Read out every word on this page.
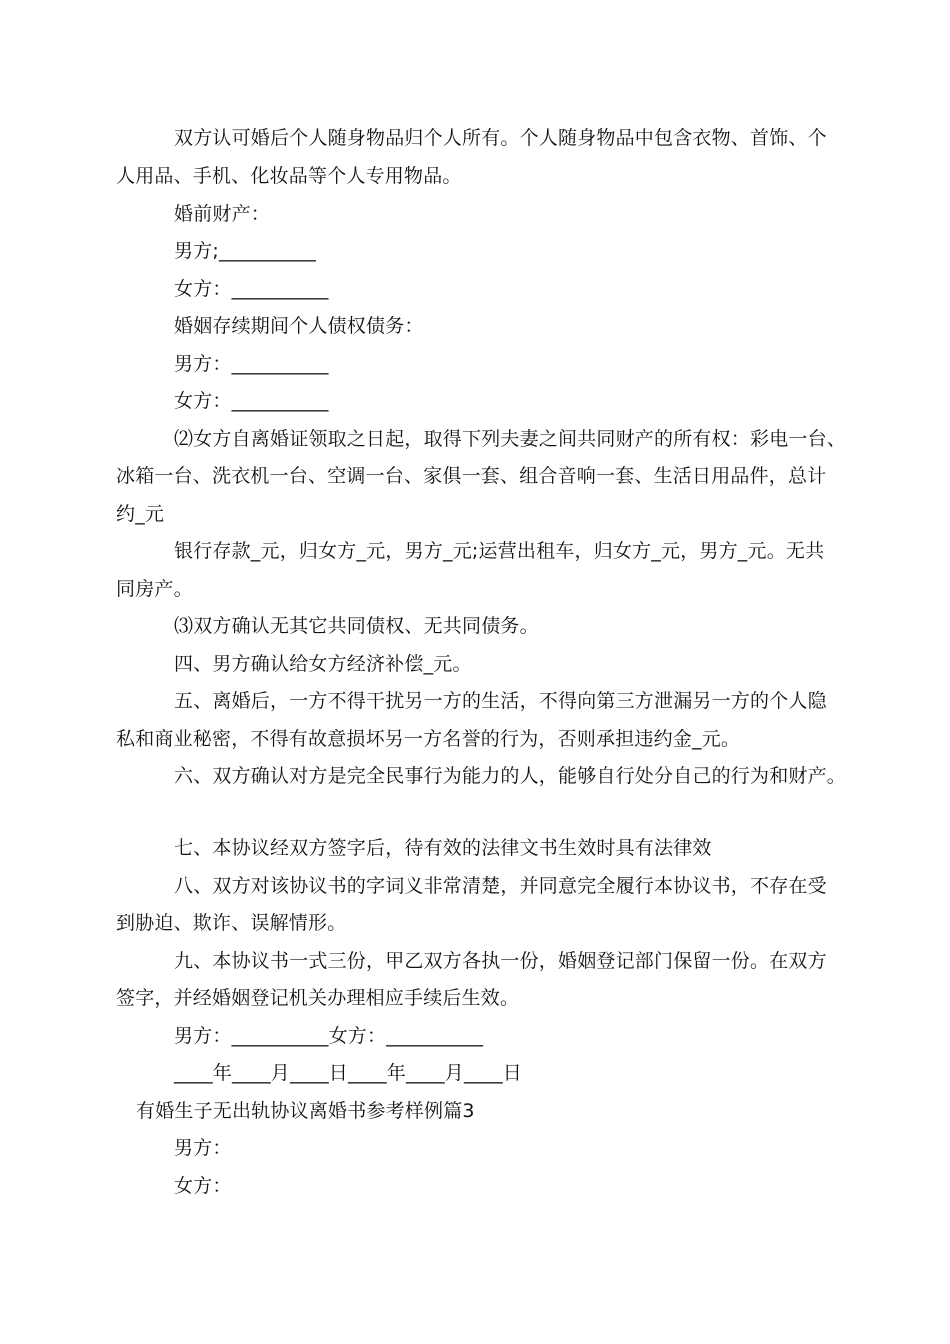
双方认可婚后个人随身物品归个人所有。个人随身物品中包含衣物、首饰、个
人用品、手机、化妆品等个人专用物品。
婚前财产：
男方;__________
女方：__________
婚姻存续期间个人债权债务：
男方：__________
女方：__________
⑵女方自离婚证领取之日起，取得下列夫妻之间共同财产的所有权：彩电一台、
冰箱一台、洗衣机一台、空调一台、家俱一套、组合音响一套、生活日用品件，总计
约_元
银行存款_元，归女方_元，男方_元;运营出租车，归女方_元，男方_元。无共
同房产。
⑶双方确认无其它共同债权、无共同债务。
四、男方确认给女方经济补偿_元。
五、离婚后，一方不得干扰另一方的生活，不得向第三方泄漏另一方的个人隐
私和商业秘密，不得有故意损坏另一方名誉的行为，否则承担违约金_元。
六、双方确认对方是完全民事行为能力的人，能够自行处分自己的行为和财产。
七、本协议经双方签字后，待有效的法律文书生效时具有法律效
八、双方对该协议书的字词义非常清楚，并同意完全履行本协议书，不存在受
到胁迫、欺诈、误解情形。
九、本协议书一式三份，甲乙双方各执一份，婚姻登记部门保留一份。在双方
签字，并经婚姻登记机关办理相应手续后生效。
男方：__________女方：__________
____年____月____日____年____月____日
有婚生子无出轨协议离婚书参考样例篇3
男方：
女方：
